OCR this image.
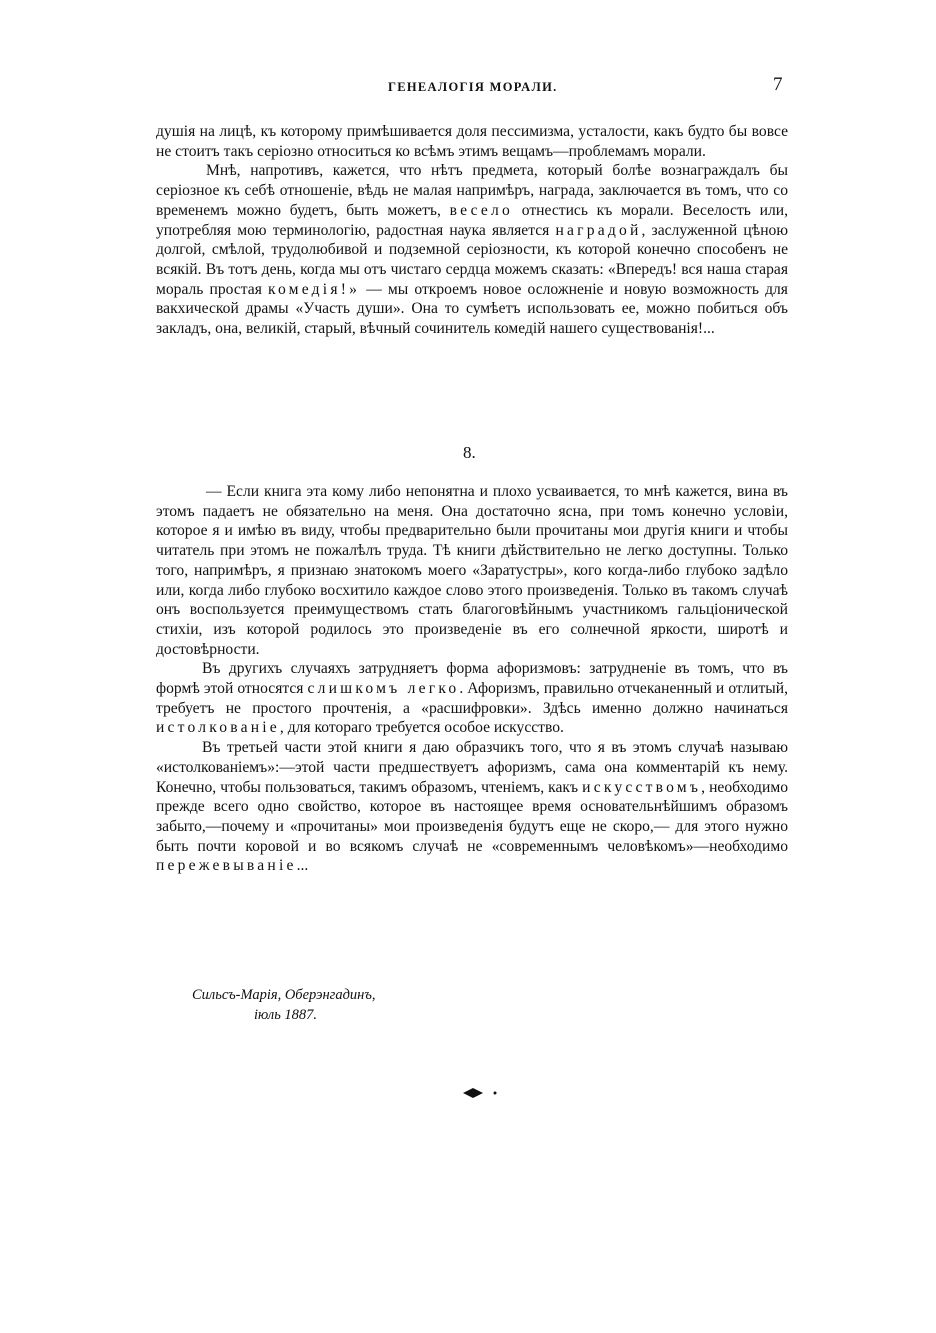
ГЕНЕАЛОГІЯ МОРАЛИ.	7

душія на лицѣ, къ которому примѣшивается доля пессимизма, усталости, какъ будто бы вовсе не стоитъ такъ серіозно относиться ко всѣмъ этимъ вещамъ—проблемамъ морали.

Мнѣ, напротивъ, кажется, что нѣтъ предмета, который болѣе вознаграждалъ бы серіозное къ себѣ отношеніе, вѣдь не малая напримѣръ, награда, заключается въ томъ, что со временемъ можно будетъ, быть можетъ, весело отнестись къ морали. Веселость или, употребляя мою терминологію, радостная наука является наградой, заслуженной цѣною долгой, смѣлой, трудолюбивой и подземной серіозности, къ которой конечно способенъ не всякій. Въ тотъ день, когда мы отъ чистаго сердца можемъ сказать: «Впередъ! вся наша старая мораль простая комедія!» — мы откроемъ новое осложненіе и новую возможность для вакхической драмы «Участь души». Она то сумѣетъ использовать ее, можно побиться объ закладъ, она, великій, старый, вѣчный сочинитель комедій нашего существованія!...

8.

— Если книга эта кому либо непонятна и плохо усваивается, то мнѣ кажется, вина въ этомъ падаетъ не обязательно на меня. Она достаточно ясна, при томъ конечно условіи, которое я и имѣю въ виду, чтобы предварительно были прочитаны мои другія книги и чтобы читатель при этомъ не пожалѣлъ труда. Тѣ книги дѣйствительно не легко доступны. Только того, напримѣръ, я признаю знатокомъ моего «Заратустры», кого когда-либо глубоко задѣло или, когда либо глубоко восхитило каждое слово этого произведенія. Только въ такомъ случаѣ онъ воспользуется преимуществомъ стать благоговѣйнымъ участникомъ гальціонической стихіи, изъ которой родилось это произведеніе въ его солнечной яркости, широтѣ и достовѣрности.

Въ другихъ случаяхъ затрудняетъ форма афоризмовъ: затрудненіе въ томъ, что въ формѣ этой относятся слишкомъ легко. Афоризмъ, правильно отчеканенный и отлитый, требуетъ не простого прочтенія, а «расшифровки». Здѣсь именно должно начинаться истолкованіе, для котораго требуется особое искусство.

Въ третьей части этой книги я даю образчикъ того, что я въ этомъ случаѣ называю «истолкованіемъ»:—этой части предшествуетъ афоризмъ, сама она комментарій къ нему. Конечно, чтобы пользоваться, такимъ образомъ, чтеніемъ, какъ искусствомъ, необходимо прежде всего одно свойство, которое въ настоящее время основательнѣйшимъ образомъ забыто,—почему и «прочитаны» мои произведенія будутъ еще не скоро,— для этого нужно быть почти коровой и во всякомъ случаѣ не «современнымъ человѣкомъ»—необходимо пережевываніе...

Сильсъ-Марія, Оберэнгадинъ,
іюль 1887.
